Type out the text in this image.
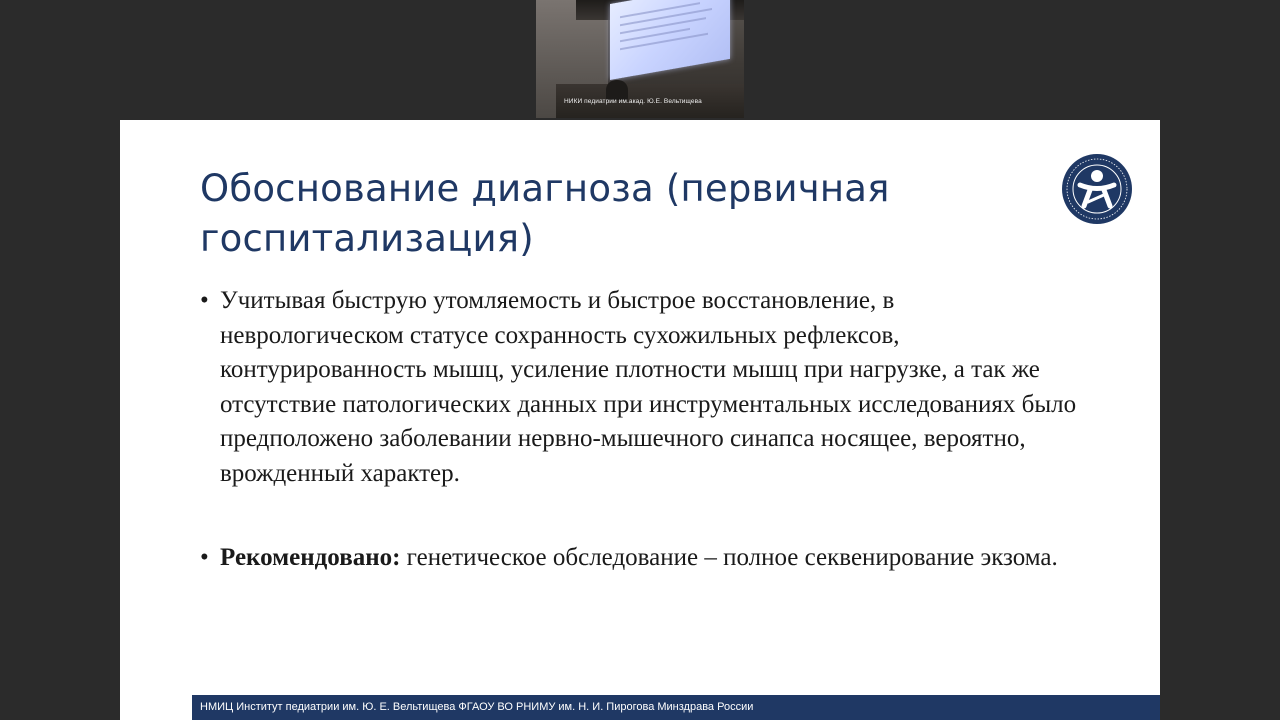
НИКИ педиатрии им.акад. Ю.Е. Вельтищева
Обоснование диагноза (первичная
госпитализация)
• Учитывая быструю утомляемость и быстрое восстановление, в неврологическом статусе сохранность сухожильных рефлексов, контурированность мышц, усиление плотности мышц при нагрузке, а так же отсутствие патологических данных при инструментальных исследованиях было предположено заболевании нервно-мышечного синапса носящее, вероятно, врожденный характер.
• Рекомендовано: генетическое обследование – полное секвенирование экзома.
НМИЦ Институт педиатрии им. Ю. Е. Вельтищева ФГАОУ ВО РНИМУ им. Н. И. Пирогова Минздрава России
